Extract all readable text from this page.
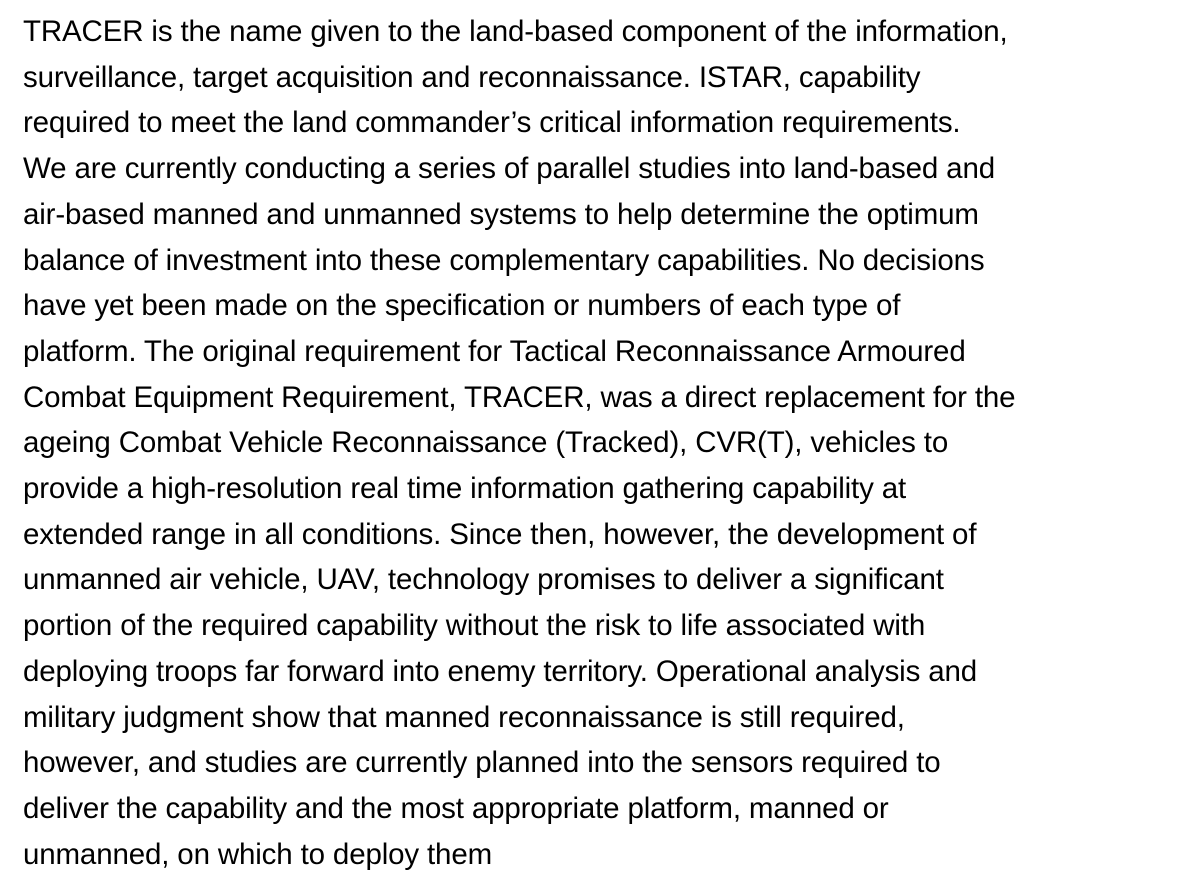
TRACER is the name given to the land-based component of the information,
surveillance, target acquisition and reconnaissance. ISTAR, capability
required to meet the land commander’s critical information requirements.
We are currently conducting a series of parallel studies into land-based and
air-based manned and unmanned systems to help determine the optimum
balance of investment into these complementary capabilities. No decisions
have yet been made on the specification or numbers of each type of
platform. The original requirement for Tactical Reconnaissance Armoured
Combat Equipment Requirement, TRACER, was a direct replacement for the
ageing Combat Vehicle Reconnaissance (Tracked), CVR(T), vehicles to
provide a high-resolution real time information gathering capability at
extended range in all conditions. Since then, however, the development of
unmanned air vehicle, UAV, technology promises to deliver a significant
portion of the required capability without the risk to life associated with
deploying troops far forward into enemy territory. Operational analysis and
military judgment show that manned reconnaissance is still required,
however, and studies are currently planned into the sensors required to
deliver the capability and the most appropriate platform, manned or
unmanned, on which to deploy them
